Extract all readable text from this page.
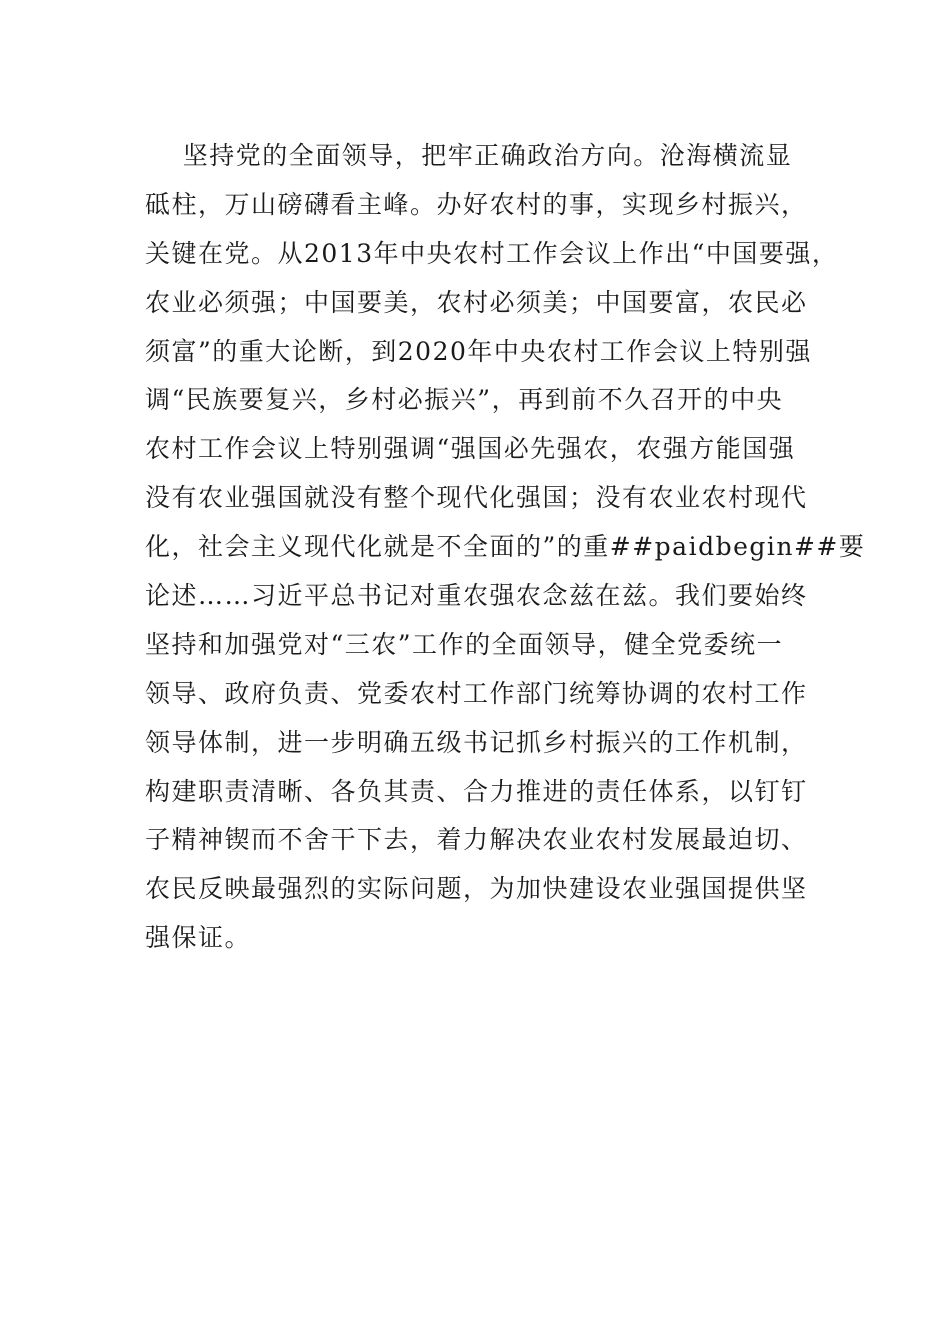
坚持党的全面领导，把牢正确政治方向。沧海横流显
砥柱，万山磅礴看主峰。办好农村的事，实现乡村振兴，
关键在党。从2013年中央农村工作会议上作出“中国要强，
农业必须强；中国要美，农村必须美；中国要富，农民必
须富”的重大论断，到2020年中央农村工作会议上特别强
调“民族要复兴，乡村必振兴”，再到前不久召开的中央
农村工作会议上特别强调“强国必先强农，农强方能国强
没有农业强国就没有整个现代化强国；没有农业农村现代
化，社会主义现代化就是不全面的”的重##paidbegin##要
论述……习近平总书记对重农强农念兹在兹。我们要始终
坚持和加强党对“三农”工作的全面领导，健全党委统一
领导、政府负责、党委农村工作部门统筹协调的农村工作
领导体制，进一步明确五级书记抓乡村振兴的工作机制，
构建职责清晰、各负其责、合力推进的责任体系，以钉钉
子精神锲而不舍干下去，着力解决农业农村发展最迫切、
农民反映最强烈的实际问题，为加快建设农业强国提供坚
强保证。
